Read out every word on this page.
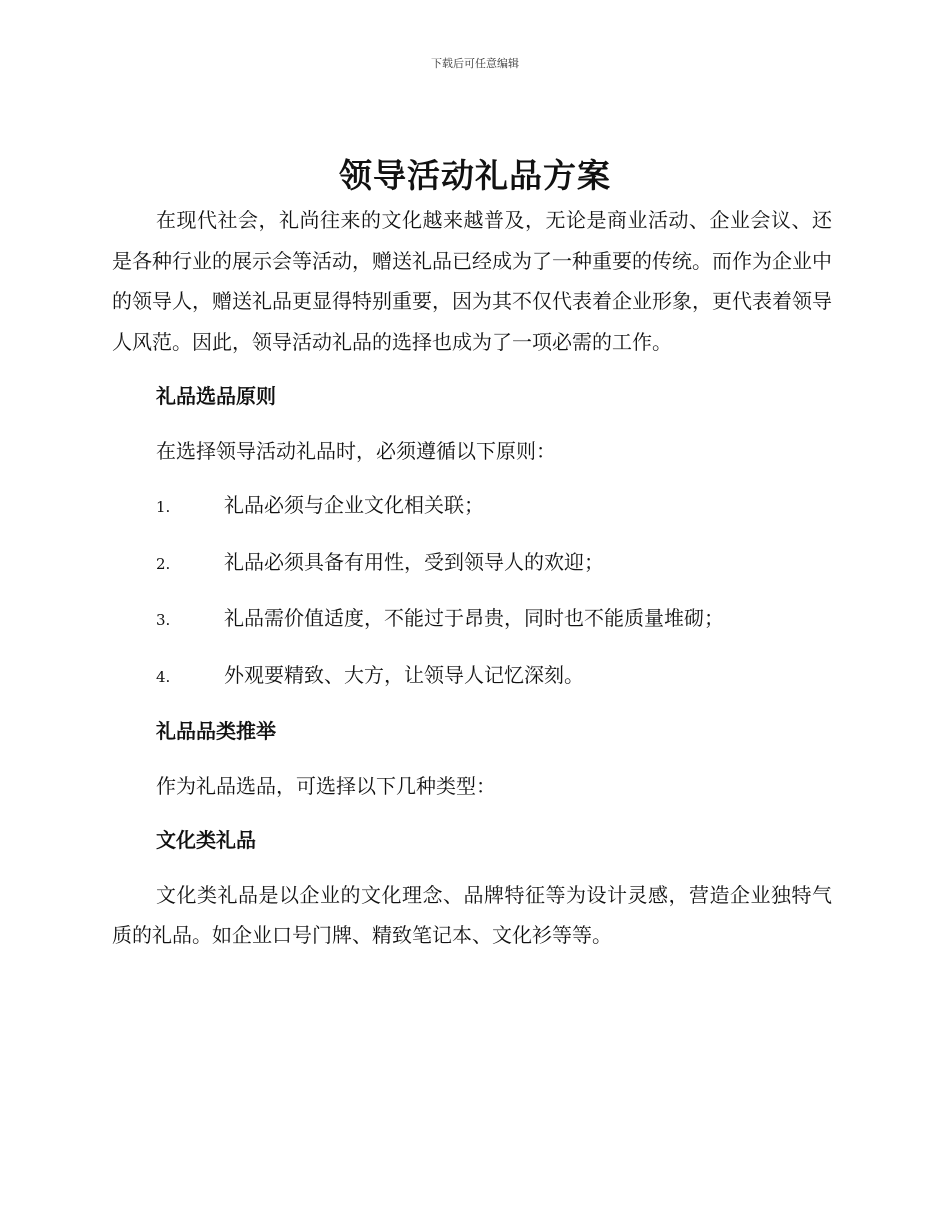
下载后可任意编辑
领导活动礼品方案

在现代社会，礼尚往来的文化越来越普及，无论是商业活动、企业会议、还是各种行业的展示会等活动，赠送礼品已经成为了一种重要的传统。而作为企业中的领导人，赠送礼品更显得特别重要，因为其不仅代表着企业形象，更代表着领导人风范。因此，领导活动礼品的选择也成为了一项必需的工作。

礼品选品原则

在选择领导活动礼品时，必须遵循以下原则：

1.	礼品必须与企业文化相关联；
2.	礼品必须具备有用性，受到领导人的欢迎；
3.	礼品需价值适度，不能过于昂贵，同时也不能质量堆砌；
4.	外观要精致、大方，让领导人记忆深刻。
礼品品类推举

作为礼品选品，可选择以下几种类型：

文化类礼品

文化类礼品是以企业的文化理念、品牌特征等为设计灵感，营造企业独特气质的礼品。如企业口号门牌、精致笔记本、文化衫等等。
